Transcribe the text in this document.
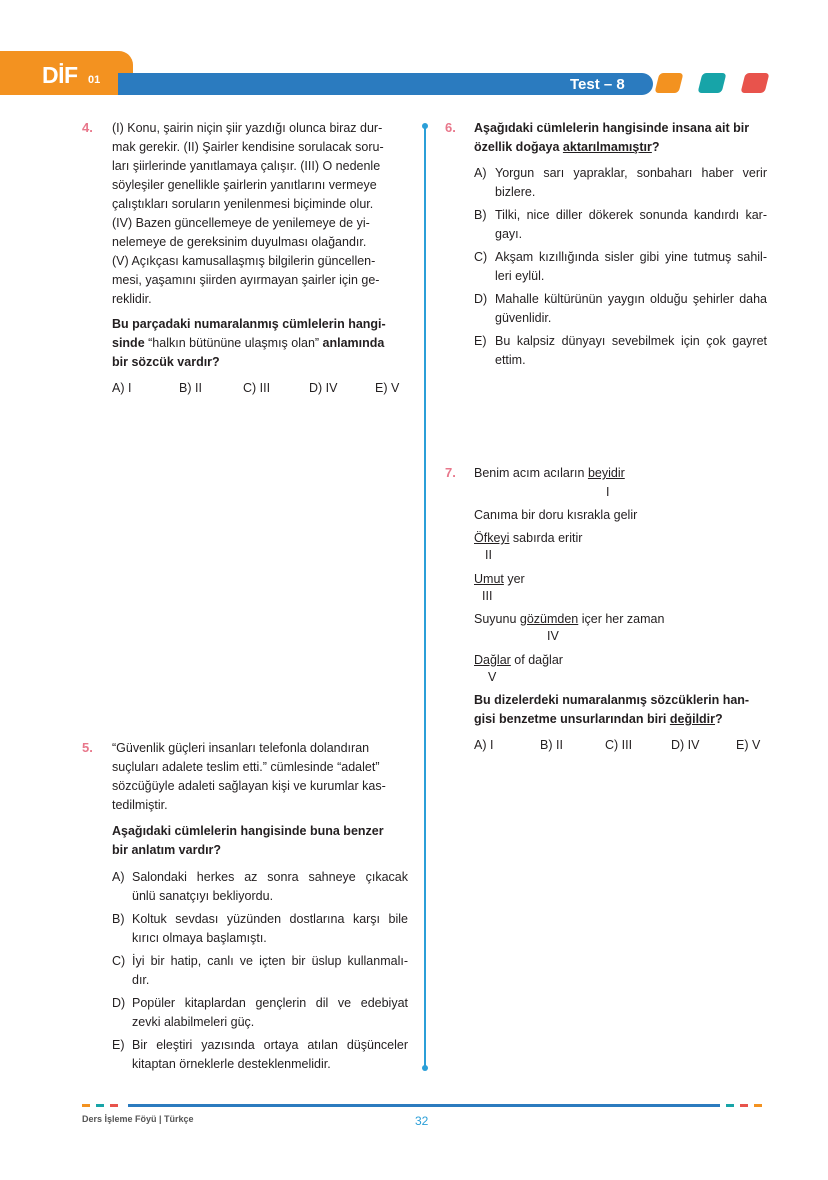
DİF 01	Test – 8
4. (I) Konu, şairin niçin şiir yazdığı olunca biraz dur-
mak gerekir. (II) Şairler kendisine sorulacak soru-
ları şiirlerinde yanıtlamaya çalışır. (III) O nedenle
söyleşiler genellikle şairlerin yanıtlarını vermeye
çalıştıkları soruların yenilenmesi biçiminde olur.
(IV) Bazen güncellemeye de yenilemeye de yi-
nelemeye de gereksinim duyulması olağandır.
(V) Açıkçası kamusallaşmış bilgilerin güncellen-
mesi, yaşamını şiirden ayırmayan şairler için ge-
reklidir.
Bu parçadaki numaralanmış cümlelerin hangi-
sinde “halkın bütününe ulaşmış olan” anlamında
bir sözcük vardır?
A) I	B) II	C) III	D) IV	E) V
5. “Güvenlik güçleri insanları telefonla dolandıran
suçluları adalete teslim etti.” cümlesinde “adalet”
sözcüğüyle adaleti sağlayan kişi ve kurumlar kas-
tedilmiştir.
Aşağıdaki cümlelerin hangisinde buna benzer
bir anlatım vardır?
A) Salondaki herkes az sonra sahneye çıkacak
ünlü sanatçıyı bekliyordu.
B) Koltuk sevdası yüzünden dostlarına karşı bile
kırıcı olmaya başlamıştı.
C) İyi bir hatip, canlı ve içten bir üslup kullanmalı-
dır.
D) Popüler kitaplardan gençlerin dil ve edebiyat
zevki alabilmeleri güç.
E) Bir eleştiri yazısında ortaya atılan düşünceler
kitaptan örneklerle desteklenmelidir.
6. Aşağıdaki cümlelerin hangisinde insana ait bir
özellik doğaya aktarılmamıştır?
A) Yorgun sarı yapraklar, sonbaharı haber verir
bizlere.
B) Tilki, nice diller dökerek sonunda kandırdı kar-
gayı.
C) Akşam kızıllığında sisler gibi yine tutmuş sahil-
leri eylül.
D) Mahalle kültürünün yaygın olduğu şehirler daha
güvenlidir.
E) Bu kalpsiz dünyayı sevebilmek için çok gayret
ettim.
7. Benim acım acıların beyidir
I
Canıma bir doru kısrakla gelir
Öfkeyi sabırda eritir
II
Umut yer
III
Suyunu gözümden içer her zaman
IV
Dağlar of dağlar
V
Bu dizelerdeki numaralanmış sözcüklerin han-
gisi benzetme unsurlarından biri değildir?
A) I	B) II	C) III	D) IV	E) V
Ders İşleme Föyü | Türkçe	32
